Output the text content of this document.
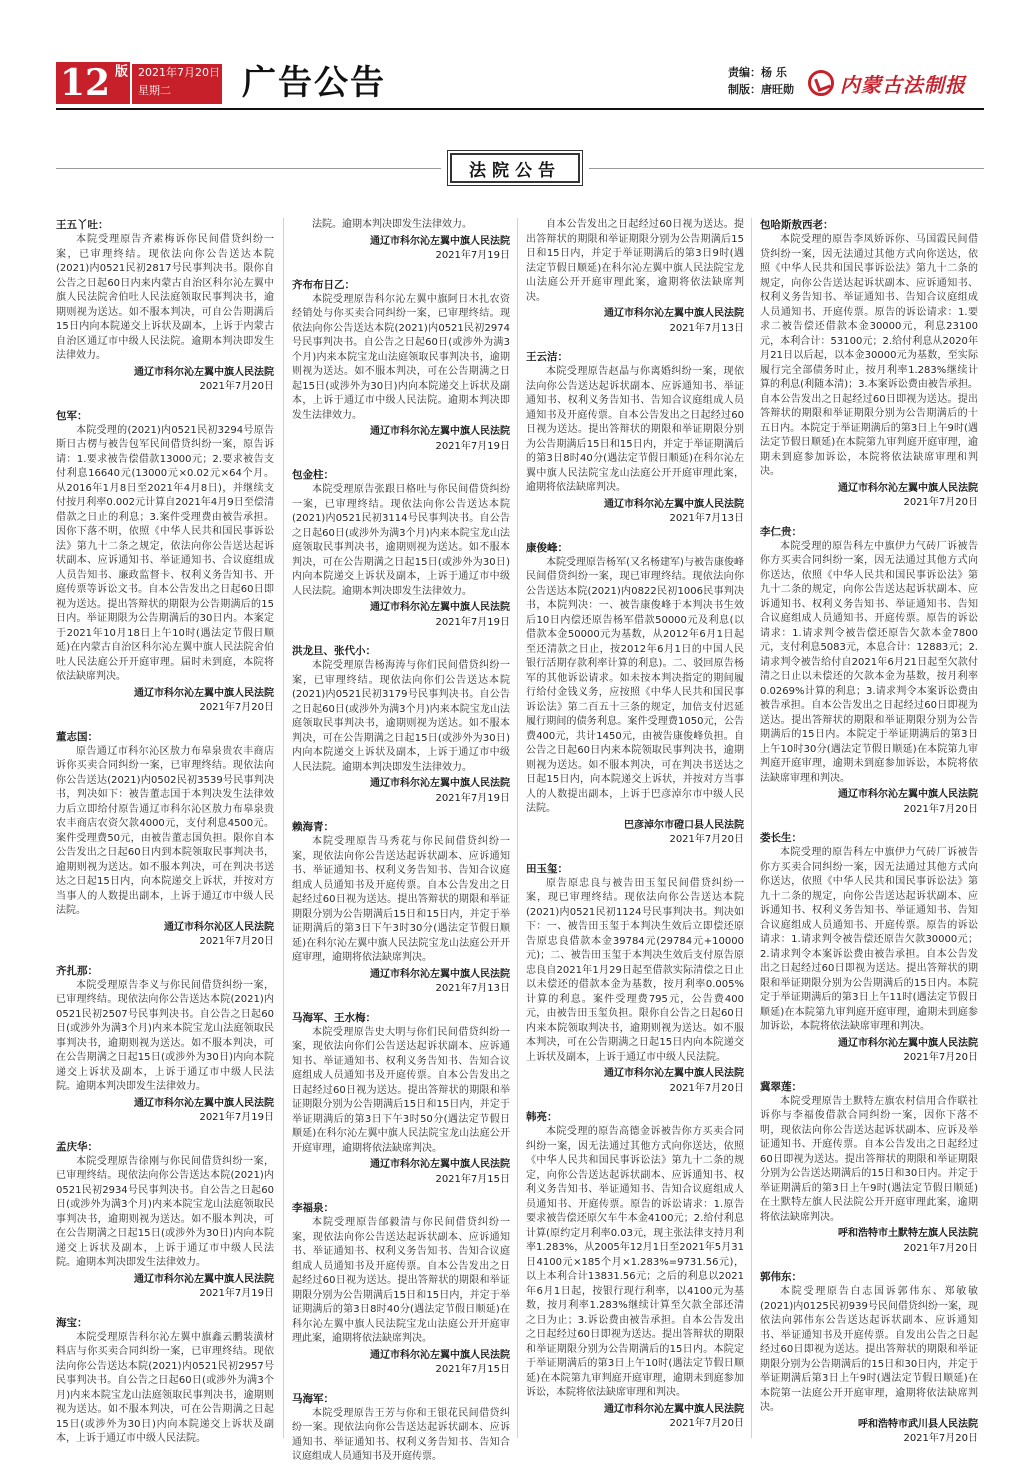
12 版 2021年7月20日
星期二	广告公告	责编：杨 乐
制版：唐旺勋 内蒙古法制报
法院公告

王五丫吐：

本院受理原告齐素梅诉你民间借贷纠纷一案，已审理终结。现依法向你公告送达本院(2021)内0521民初2817号民事判决书。限你自公告之日起60日内来内蒙古自治区科尔沁左翼中旗人民法院舍伯吐人民法庭领取民事判决书，逾期则视为送达。如不服本判决，可自公告期满后15日内向本院递交上诉状及副本，上诉于内蒙古自治区通辽市中级人民法院。逾期本判决即发生法律效力。

通辽市科尔沁左翼中旗人民法院

2021年7月20日

包军：

本院受理的(2021)内0521民初3294号原告斯日古楞与被告包军民间借贷纠纷一案，原告诉请：1.要求被告偿借款13000元；2.要求被告支付利息16640元(13000元×0.02元×64个月。从2016年1月8日至2021年4月8日)，并继续支付按月利率0.002元计算自2021年4月9日至偿清借款之日止的利息；3.案件受理费由被告承担。因你下落不明，依照《中华人民共和国民事诉讼法》第九十二条之规定，依法向你公告送达起诉状副本、应诉通知书、举证通知书、合议庭组成人员告知书、廉政监督卡、权利义务告知书、开庭传票等诉讼文书。自本公告发出之日起60日即视为送达。提出答辩状的期限为公告期满后的15日内。举证期限为公告期满后的30日内。本案定于2021年10月18日上午10时(遇法定节假日顺延)在内蒙古自治区科尔沁左翼中旗人民法院舍伯吐人民法庭公开开庭审理。届时未到庭，本院将依法缺席判决。

通辽市科尔沁左翼中旗人民法院

2021年7月20日

董志国：

原告通辽市科尔沁区敖力布皋泉贵农丰商店诉你买卖合同纠纷一案，已审理终结。现依法向你公告送达(2021)内0502民初3539号民事判决书，判决如下：被告董志国于本判决发生法律效力后立即给付原告通辽市科尔沁区敖力布皋泉贵农丰商店农资欠款4000元，支付利息4500元。案件受理费50元，由被告董志国负担。限你自本公告发出之日起60日内到本院领取民事判决书，逾期则视为送达。如不服本判决，可在判决书送达之日起15日内，向本院递交上诉状，并按对方当事人的人数提出副本，上诉于通辽市中级人民法院。

通辽市科尔沁区人民法院

2021年7月20日

齐扎那：

本院受理原告李义与你民间借贷纠纷一案，已审理终结。现依法向你公告送达本院(2021)内0521民初2507号民事判决书。自公告之日起60日(或涉外为满3个月)内来本院宝龙山法庭领取民事判决书，逾期则视为送达。如不服本判决，可在公告期满之日起15日(或涉外为30日)内向本院递交上诉状及副本，上诉于通辽市中级人民法院。逾期本判决即发生法律效力。

通辽市科尔沁左翼中旗人民法院

2021年7月19日

孟庆华：

本院受理原告徐刚与你民间借贷纠纷一案，已审理终结。现依法向你公告送达本院(2021)内0521民初2934号民事判决书。自公告之日起60日(或涉外为满3个月)内来本院宝龙山法庭领取民事判决书，逾期则视为送达。如不服本判决，可在公告期满之日起15日(或涉外为30日)内向本院递交上诉状及副本，上诉于通辽市中级人民法院。逾期本判决即发生法律效力。

通辽市科尔沁左翼中旗人民法院

2021年7月19日

海宝：

本院受理原告科尔沁左翼中旗鑫云鹏装潢材料店与你买卖合同纠纷一案，已审理终结。现依法向你公告送达本院(2021)内0521民初2957号民事判决书。自公告之日起60日(或涉外为满3个月)内来本院宝龙山法庭领取民事判决书，逾期则视为送达。如不服本判决，可在公告期满之日起15日(或涉外为30日)内向本院递交上诉状及副本，上诉于通辽市中级人民法院。

法院。逾期本判决即发生法律效力。

通辽市科尔沁左翼中旗人民法院

2021年7月19日

齐布布日乙：

本院受理原告科尔沁左翼中旗阿日木扎农资经销处与你买卖合同纠纷一案，已审理终结。现依法向你公告送达本院(2021)内0521民初2974号民事判决书。自公告之日起60日(或涉外为满3个月)内来本院宝龙山法庭领取民事判决书，逾期则视为送达。如不服本判决，可在公告期满之日起15日(或涉外为30日)内向本院递交上诉状及副本，上诉于通辽市中级人民法院。逾期本判决即发生法律效力。

通辽市科尔沁左翼中旗人民法院

2021年7月19日

包金柱：

本院受理原告张跟日格吐与你民间借贷纠纷一案，已审理终结。现依法向你公告送达本院(2021)内0521民初3114号民事判决书。自公告之日起60日(或涉外为满3个月)内来本院宝龙山法庭领取民事判决书，逾期则视为送达。如不服本判决，可在公告期满之日起15日(或涉外为30日)内向本院递交上诉状及副本，上诉于通辽市中级人民法院。逾期本判决即发生法律效力。

通辽市科尔沁左翼中旗人民法院

2021年7月19日

洪龙旦、张代小：

本院受理原告杨海涛与你们民间借贷纠纷一案，已审理终结。现依法向你们公告送达本院(2021)内0521民初3179号民事判决书。自公告之日起60日(或涉外为满3个月)内来本院宝龙山法庭领取民事判决书，逾期则视为送达。如不服本判决，可在公告期满之日起15日(或涉外为30日)内向本院递交上诉状及副本，上诉于通辽市中级人民法院。逾期本判决即发生法律效力。

通辽市科尔沁左翼中旗人民法院

2021年7月19日

赖海青：

本院受理原告马秀花与你民间借贷纠纷一案，现依法向你公告送达起诉状副本、应诉通知书、举证通知书、权利义务告知书、告知合议庭组成人员通知书及开庭传票。自本公告发出之日起经过60日视为送达。提出答辩状的期限和举证期限分别为公告期满后15日和15日内，并定于举证期满后的第3日下午3时30分(遇法定节假日顺延)在科尔沁左翼中旗人民法院宝龙山法庭公开开庭审理，逾期将依法缺席判决。

通辽市科尔沁左翼中旗人民法院

2021年7月13日

马海军、王水梅：

本院受理原告史大明与你们民间借贷纠纷一案，现依法向你们公告送达起诉状副本、应诉通知书、举证通知书、权利义务告知书、告知合议庭组成人员通知书及开庭传票。自本公告发出之日起经过60日视为送达。提出答辩状的期限和举证期限分别为公告期满后15日和15日内，并定于举证期满后的第3日下午3时50分(遇法定节假日顺延)在科尔沁左翼中旗人民法院宝龙山法庭公开开庭审理，逾期将依法缺席判决。

通辽市科尔沁左翼中旗人民法院

2021年7月15日

李福泉：

本院受理原告邰毅清与你民间借贷纠纷一案，现依法向你公告送达起诉状副本、应诉通知书、举证通知书、权利义务告知书、告知合议庭组成人员通知书及开庭传票。自本公告发出之日起经过60日视为送达。提出答辩状的期限和举证期限分别为公告期满后15日和15日内，并定于举证期满后的第3日8时40分(遇法定节假日顺延)在科尔沁左翼中旗人民法院宝龙山法庭公开开庭审理此案，逾期将依法缺席判决。

通辽市科尔沁左翼中旗人民法院

2021年7月15日

马海军：

本院受理原告王芳与你和王银花民间借贷纠纷一案。现依法向你公告送达起诉状副本、应诉通知书、举证通知书、权利义务告知书、告知合议庭组成人员通知书及开庭传票。

自本公告发出之日起经过60日视为送达。提出答辩状的期限和举证期限分别为公告期满后15日和15日内，并定于举证期满后的第3日9时(遇法定节假日顺延)在科尔沁左翼中旗人民法院宝龙山法庭公开开庭审理此案，逾期将依法缺席判决。

通辽市科尔沁左翼中旗人民法院

2021年7月13日

王云洁：

本院受理原告赵晶与你离婚纠纷一案，现依法向你公告送达起诉状副本、应诉通知书、举证通知书、权利义务告知书、告知合议庭组成人员通知书及开庭传票。自本公告发出之日起经过60日视为送达。提出答辩状的期限和举证期限分别为公告期满后15日和15日内，并定于举证期满后的第3日8时40分(遇法定节假日顺延)在科尔沁左翼中旗人民法院宝龙山法庭公开开庭审理此案，逾期将依法缺席判决。

通辽市科尔沁左翼中旗人民法院

2021年7月13日

康俊峰：

本院受理原告杨军(又名杨建军)与被告康俊峰民间借贷纠纷一案，现已审理终结。现依法向你公告送达本院(2021)内0822民初1006民事判决书，本院判决：一、被告康俊峰于本判决书生效后10日内偿还原告杨军借款50000元及利息(以借款本金50000元为基数，从2012年6月1日起至还清款之日止，按2012年6月1日的中国人民银行活期存款利率计算的利息)。二、驳回原告杨军的其他诉讼请求。如未按本判决指定的期间履行给付金钱义务，应按照《中华人民共和国民事诉讼法》第二百五十三条的规定，加倍支付迟延履行期间的债务利息。案件受理费1050元，公告费400元，共计1450元，由被告康俊峰负担。自公告之日起60日内来本院领取民事判决书，逾期则视为送达。如不服本判决，可在判决书送达之日起15日内，向本院递交上诉状，并按对方当事人的人数提出副本，上诉于巴彦淖尔市中级人民法院。

巴彦淖尔市磴口县人民法院

2021年7月20日

田玉玺：

原告原忠良与被告田玉玺民间借贷纠纷一案，现已审理终结。现依法向你公告送达本院(2021)内0521民初1124号民事判决书。判决如下：一、被告田玉玺于本判决生效后立即偿还原告原忠良借款本金39784元(29784元+10000元)；二、被告田玉玺于本判决生效后支付原告原忠良自2021年1月29日起至借款实际清偿之日止以未偿还的借款本金为基数，按月利率0.005%计算的利息。案件受理费795元，公告费400元，由被告田玉玺负担。限你自公告之日起60日内来本院领取判决书，逾期则视为送达。如不服本判决，可在公告期满之日起15日内向本院递交上诉状及副本，上诉于通辽市中级人民法院。

通辽市科尔沁左翼中旗人民法院

2021年7月20日

韩亮：

本院受理的原告高德金诉被告你方买卖合同纠纷一案，因无法通过其他方式向你送达，依照《中华人民共和国民事诉讼法》第九十二条的规定，向你公告送达起诉状副本、应诉通知书、权利义务告知书、举证通知书、告知合议庭组成人员通知书、开庭传票。原告的诉讼请求：1.原告要求被告偿还原欠车牛本金4100元；2.给付利息计算(原约定月利率0.03元，现主张法律支持月利率1.283%，从2005年12月1日至2021年5月31日4100元×185个月×1.283%=9731.56元)，以上本利合计13831.56元；之后的利息以2021年6月1日起，按银行现行利率，以4100元为基数，按月利率1.283%继续计算至欠款全部还清之日为止；3.诉讼费由被告承担。自本公告发出之日起经过60日即视为送达。提出答辩状的期限和举证期限分别为公告期满后的15日内。本院定于举证期满后的第3日上午10时(遇法定节假日顺延)在本院第九审判庭开庭审理，逾期未到庭参加诉讼，本院将依法缺席审理和判决。

通辽市科尔沁左翼中旗人民法院

2021年7月20日

包哈斯敖西老：

本院受理的原告李凤娇诉你、马国霞民间借贷纠纷一案，因无法通过其他方式向你送达，依照《中华人民共和国民事诉讼法》第九十二条的规定，向你公告送达起诉状副本、应诉通知书、权利义务告知书、举证通知书、告知合议庭组成人员通知书、开庭传票。原告的诉讼请求：1.要求二被告偿还借款本金30000元，利息23100元，本利合计：53100元；2.给付利息从2020年月21日以后起，以本金30000元为基数，至实际履行完全部债务时止，按月利率1.283%继续计算的利息(利随本清)；3.本案诉讼费由被告承担。自本公告发出之日起经过60日即视为送达。提出答辩状的期限和举证期限分别为公告期满后的十五日内。本院定于举证期满后的第3日上午9时(遇法定节假日顺延)在本院第九审判庭开庭审理，逾期未到庭参加诉讼，本院将依法缺席审理和判决。

通辽市科尔沁左翼中旗人民法院

2021年7月20日

李仁贵：

本院受理的原告科左中旗伊力气砖厂诉被告你方买卖合同纠纷一案，因无法通过其他方式向你送达，依照《中华人民共和国民事诉讼法》第九十二条的规定，向你公告送达起诉状副本、应诉通知书、权利义务告知书、举证通知书、告知合议庭组成人员通知书、开庭传票。原告的诉讼请求：1.请求判令被告偿还原告欠款本金7800元，支付利息5083元，本息合计：12883元；2.请求判令被告给付自2021年6月21日起至欠款付清之日止以未偿还的欠款本金为基数，按月利率0.0269%计算的利息；3.请求判令本案诉讼费由被告承担。自本公告发出之日起经过60日即视为送达。提出答辩状的期限和举证期限分别为公告期满后的15日内。本院定于举证期满后的第3日上午10时30分(遇法定节假日顺延)在本院第九审判庭开庭审理，逾期未到庭参加诉讼，本院将依法缺席审理和判决。

通辽市科尔沁左翼中旗人民法院

2021年7月20日

娄长生：

本院受理的原告科左中旗伊力气砖厂诉被告你方买卖合同纠纷一案，因无法通过其他方式向你送达，依照《中华人民共和国民事诉讼法》第九十二条的规定，向你公告送达起诉状副本、应诉通知书、权利义务告知书、举证通知书、告知合议庭组成人员通知书、开庭传票。原告的诉讼请求：1.请求判令被告偿还原告欠款30000元；2.请求判令本案诉讼费由被告承担。自本公告发出之日起经过60日即视为送达。提出答辩状的期限和举证期限分别为公告期满后的15日内。本院定于举证期满后的第3日上午11时(遇法定节假日顺延)在本院第九审判庭开庭审理，逾期未到庭参加诉讼，本院将依法缺席审理和判决。

通辽市科尔沁左翼中旗人民法院

2021年7月20日

冀翠莲：

本院受理原告土默特左旗农村信用合作联社诉你与李福俊借款合同纠纷一案，因你下落不明，现依法向你公告送达起诉状副本、应诉及举证通知书、开庭传票。自本公告发出之日起经过60日即视为送达。提出答辩状的期限和举证期限分别为公告送达期满后的15日和30日内。并定于举证期满后的第3日上午9时(遇法定节假日顺延)在土默特左旗人民法院公开开庭审理此案，逾期将依法缺席判决。

呼和浩特市土默特左旗人民法院

2021年7月20日

郭伟东：

本院受理原告白志国诉郭伟东、郑敏敏(2021)内0125民初939号民间借贷纠纷一案，现依法向郭伟东公告送达起诉状副本、应诉通知书、举证通知书及开庭传票。自发出公告之日起经过60日即视为送达。提出答辩状的期限和举证期限分别为公告期满后的15日和30日内，并定于举证期满后第3日上午9时(遇法定节假日顺延)在本院第一法庭公开开庭审理，逾期将依法缺席判决。

呼和浩特市武川县人民法院

2021年7月20日
